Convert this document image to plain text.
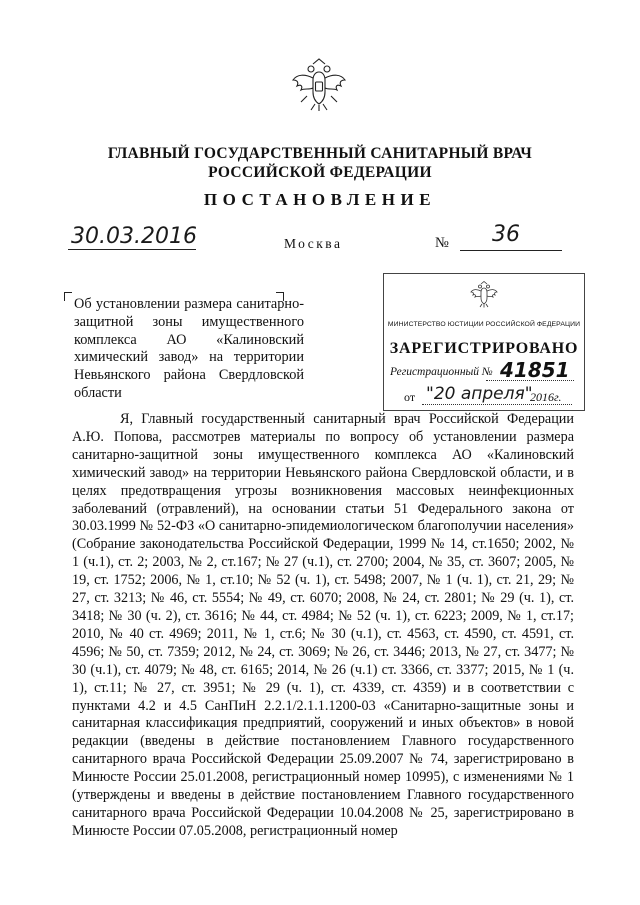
ГЛАВНЫЙ ГОСУДАРСТВЕННЫЙ САНИТАРНЫЙ ВРАЧ
РОССИЙСКОЙ ФЕДЕРАЦИИ
ПОСТАНОВЛЕНИЕ
30.03.2016	Москва	№ 36
Об установлении размера санитарно-защитной зоны имущественного комплекса АО «Калиновский химический завод» на территории Невьянского района Свердловской области
МИНИСТЕРСТВО ЮСТИЦИИ РОССИЙСКОЙ ФЕДЕРАЦИИ
ЗАРЕГИСТРИРОВАНО
Регистрационный № 41851
от "20 апреля"
2016г.
Я, Главный государственный санитарный врач Российской Федерации А.Ю. Попова, рассмотрев материалы по вопросу об установлении размера санитарно-защитной зоны имущественного комплекса АО «Калиновский химический завод» на территории Невьянского района Свердловской области, и в целях предотвращения угрозы возникновения массовых неинфекционных заболеваний (отравлений), на основании статьи 51 Федерального закона от 30.03.1999 № 52-ФЗ «О санитарно-эпидемиологическом благополучии населения» (Собрание законодательства Российской Федерации, 1999 № 14, ст.1650; 2002, № 1 (ч.1), ст. 2; 2003, № 2, ст.167; № 27 (ч.1), ст. 2700; 2004, № 35, ст. 3607; 2005, № 19, ст. 1752; 2006, № 1, ст.10; № 52 (ч. 1), ст. 5498; 2007, № 1 (ч. 1), ст. 21, 29; № 27, ст. 3213; № 46, ст. 5554; № 49, ст. 6070; 2008, № 24, ст. 2801; № 29 (ч. 1), ст. 3418; № 30 (ч. 2), ст. 3616; № 44, ст. 4984; № 52 (ч. 1), ст. 6223; 2009, № 1, ст.17; 2010, № 40 ст. 4969; 2011, № 1, ст.6; № 30 (ч.1), ст. 4563, ст. 4590, ст. 4591, ст. 4596; № 50, ст. 7359; 2012, № 24, ст. 3069; № 26, ст. 3446; 2013, № 27, ст. 3477; № 30 (ч.1), ст. 4079; № 48, ст. 6165; 2014, № 26 (ч.1) ст. 3366, ст. 3377; 2015, № 1 (ч. 1), ст.11; № 27, ст. 3951; № 29 (ч. 1), ст. 4339, ст. 4359) и в соответствии с пунктами 4.2 и 4.5 СанПиН 2.2.1/2.1.1.1200-03 «Санитарно-защитные зоны и санитарная классификация предприятий, сооружений и иных объектов» в новой редакции (введены в действие постановлением Главного государственного санитарного врача Российской Федерации 25.09.2007 № 74, зарегистрировано в Минюсте России 25.01.2008, регистрационный номер 10995), с изменениями № 1 (утверждены и введены в действие постановлением Главного государственного санитарного врача Российской Федерации 10.04.2008 № 25, зарегистрировано в Минюсте России 07.05.2008, регистрационный номер
